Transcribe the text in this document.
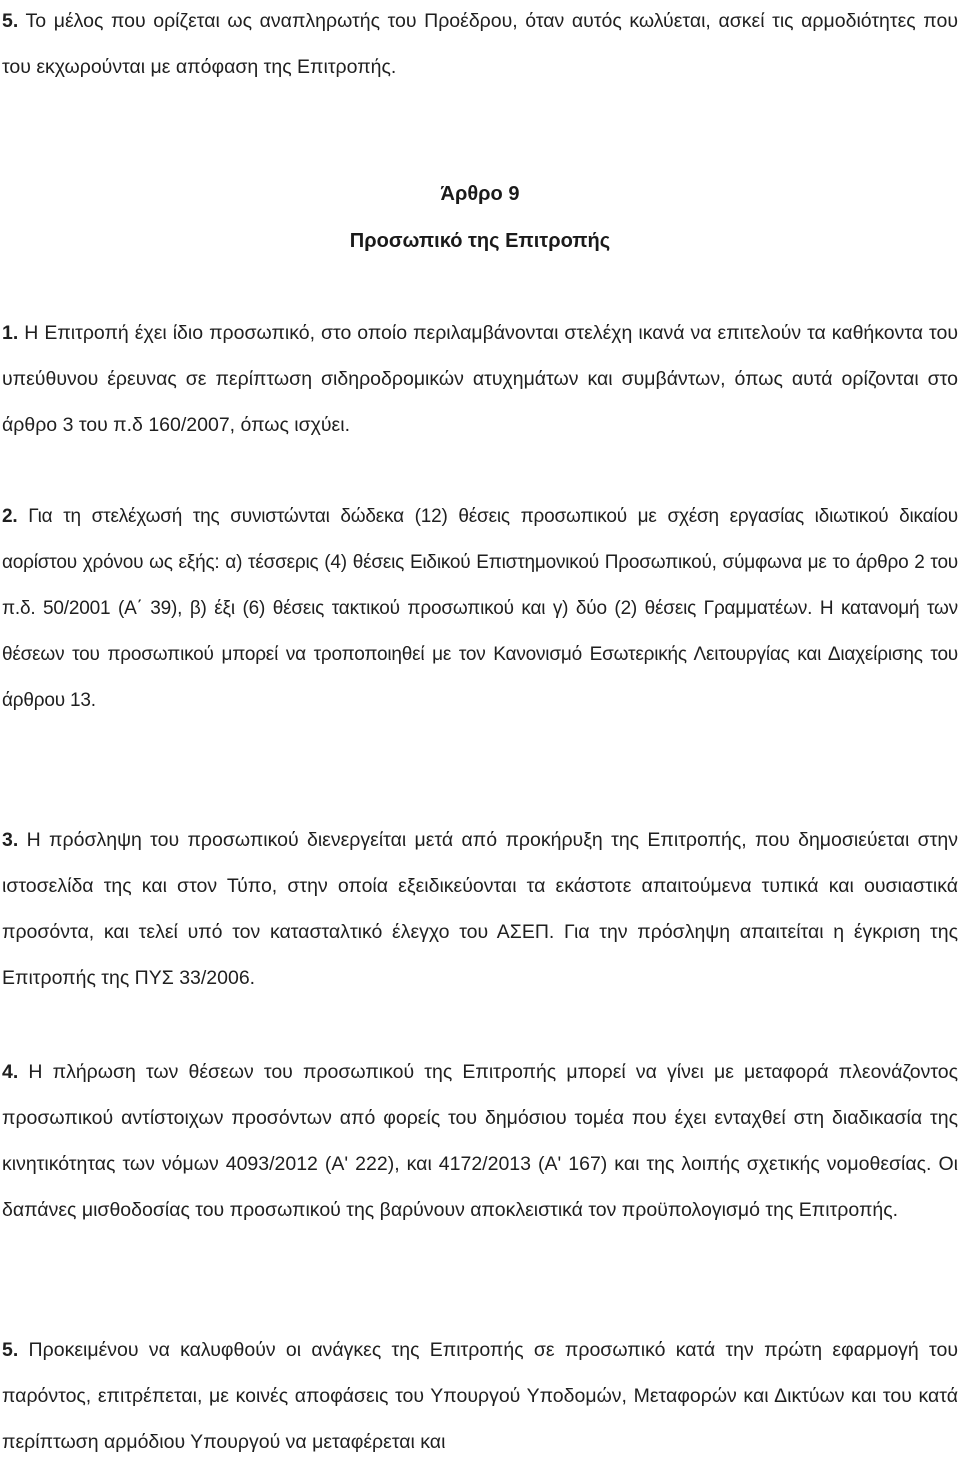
5. Το μέλος που ορίζεται ως αναπληρωτής του Προέδρου, όταν αυτός κωλύεται, ασκεί τις αρμοδιότητες που του εκχωρούνται με απόφαση της Επιτροπής.

Άρθρο 9
Προσωπικό της Επιτροπής

1. Η Επιτροπή έχει ίδιο προσωπικό, στο οποίο περιλαμβάνονται στελέχη ικανά να επιτελούν τα καθήκοντα του υπεύθυνου έρευνας σε περίπτωση σιδηροδρομικών ατυχημάτων και συμβάντων, όπως αυτά ορίζονται στο άρθρο 3 του π.δ 160/2007, όπως ισχύει.

2. Για τη στελέχωσή της συνιστώνται δώδεκα (12) θέσεις προσωπικού με σχέση εργασίας ιδιωτικού δικαίου αορίστου χρόνου ως εξής: α) τέσσερις (4) θέσεις Ειδικού Επιστημονικού Προσωπικού, σύμφωνα με το άρθρο 2 του π.δ. 50/2001 (Α΄ 39), β) έξι (6) θέσεις τακτικού προσωπικού και γ) δύο (2) θέσεις Γραμματέων. Η κατανομή των θέσεων του προσωπικού μπορεί να τροποποιηθεί με τον Κανονισμό Εσωτερικής Λειτουργίας και Διαχείρισης του άρθρου 13.

3. Η πρόσληψη του προσωπικού διενεργείται μετά από προκήρυξη της Επιτροπής, που δημοσιεύεται στην ιστοσελίδα της και στον Τύπο, στην οποία εξειδικεύονται τα εκάστοτε απαιτούμενα τυπικά και ουσιαστικά προσόντα, και τελεί υπό τον κατασταλτικό έλεγχο του ΑΣΕΠ. Για την πρόσληψη απαιτείται η έγκριση της Επιτροπής της ΠΥΣ 33/2006.

4. Η πλήρωση των θέσεων του προσωπικού της Επιτροπής μπορεί να γίνει με μεταφορά πλεονάζοντος προσωπικού αντίστοιχων προσόντων από φορείς του δημόσιου τομέα που έχει ενταχθεί στη διαδικασία της κινητικότητας των νόμων 4093/2012 (Α' 222), και 4172/2013 (Α' 167) και της λοιπής σχετικής νομοθεσίας. Οι δαπάνες μισθοδοσίας του προσωπικού της βαρύνουν αποκλειστικά τον προϋπολογισμό της Επιτροπής.

5. Προκειμένου να καλυφθούν οι ανάγκες της Επιτροπής σε προσωπικό κατά την πρώτη εφαρμογή του παρόντος, επιτρέπεται, με κοινές αποφάσεις του Υπουργού Υποδομών, Μεταφορών και Δικτύων και του κατά περίπτωση αρμόδιου Υπουργού να μεταφέρεται και
